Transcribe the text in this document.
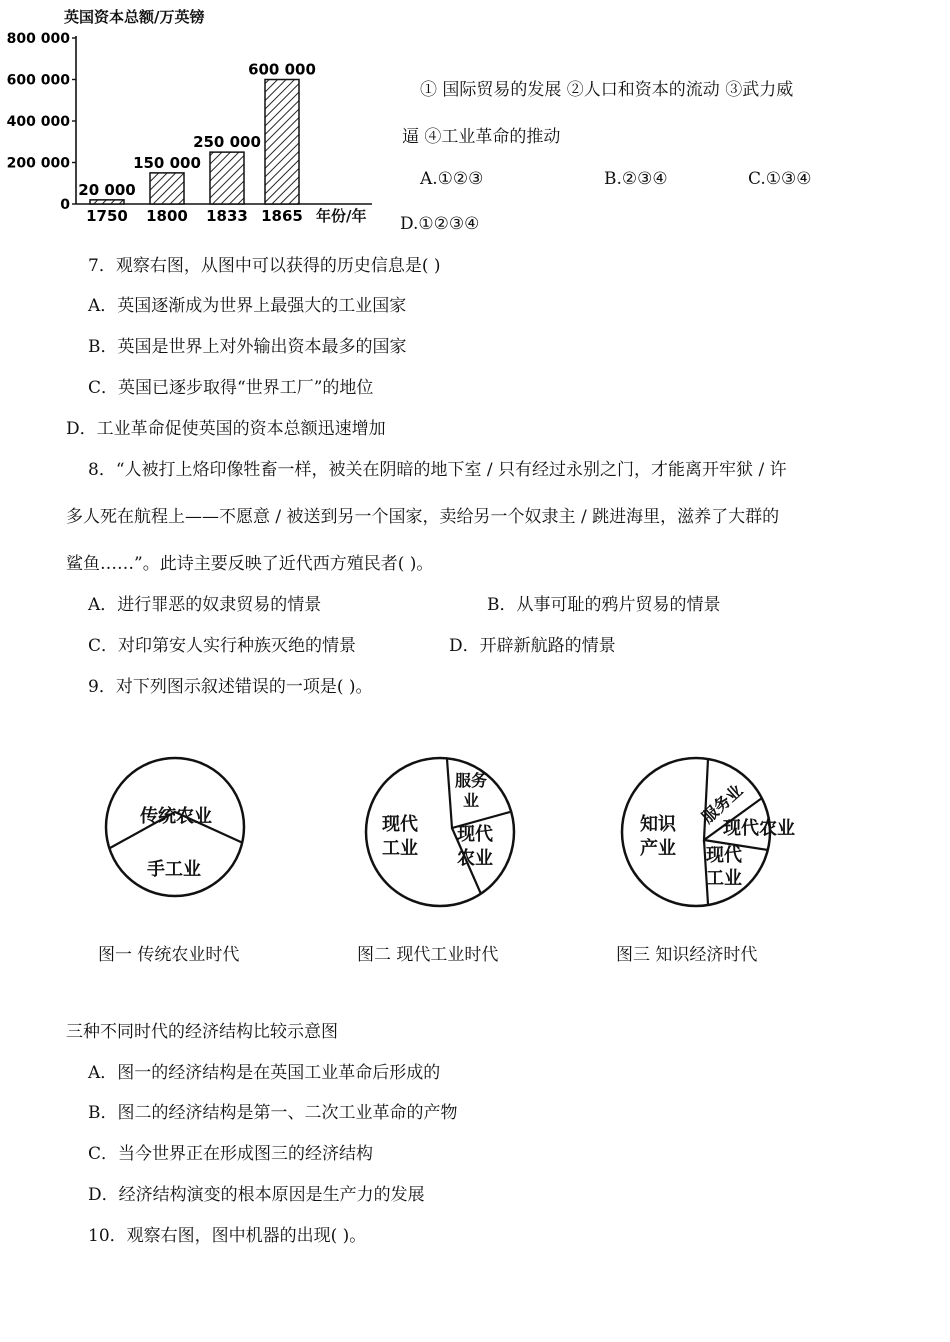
英国资本总额/万英镑
0
200 000
400 000
600 000
800 000
20 000
150 000
250 000
600 000
1750 1800 1833 1865 年份/年
① 国际贸易的发展 ②人口和资本的流动 ③武力威
逼 ④工业革命的推动
A.①②③	B.②③④	C.①③④
D.①②③④
7．观察右图，从图中可以获得的历史信息是( )
A．英国逐渐成为世界上最强大的工业国家
B．英国是世界上对外输出资本最多的国家
C．英国已逐步取得“世界工厂”的地位
D．工业革命促使英国的资本总额迅速增加
8．“人被打上烙印像牲畜一样，被关在阴暗的地下室 / 只有经过永别之门，才能离开牢狱 / 许
多人死在航程上——不愿意 / 被送到另一个国家，卖给另一个奴隶主 / 跳进海里，滋养了大群的
鲨鱼……”。此诗主要反映了近代西方殖民者( )。
A．进行罪恶的奴隶贸易的情景	B．从事可耻的鸦片贸易的情景
C．对印第安人实行种族灭绝的情景	D．开辟新航路的情景
9．对下列图示叙述错误的一项是( )。
传统农业
手工业
图一 传统农业时代
现代
工业
服务
业
现代
农业
图二 现代工业时代
知识
产业
服务业
现代农业
现代
工业
图三 知识经济时代
三种不同时代的经济结构比较示意图
A．图一的经济结构是在英国工业革命后形成的
B．图二的经济结构是第一、二次工业革命的产物
C．当今世界正在形成图三的经济结构
D．经济结构演变的根本原因是生产力的发展
10．观察右图，图中机器的出现( )。
